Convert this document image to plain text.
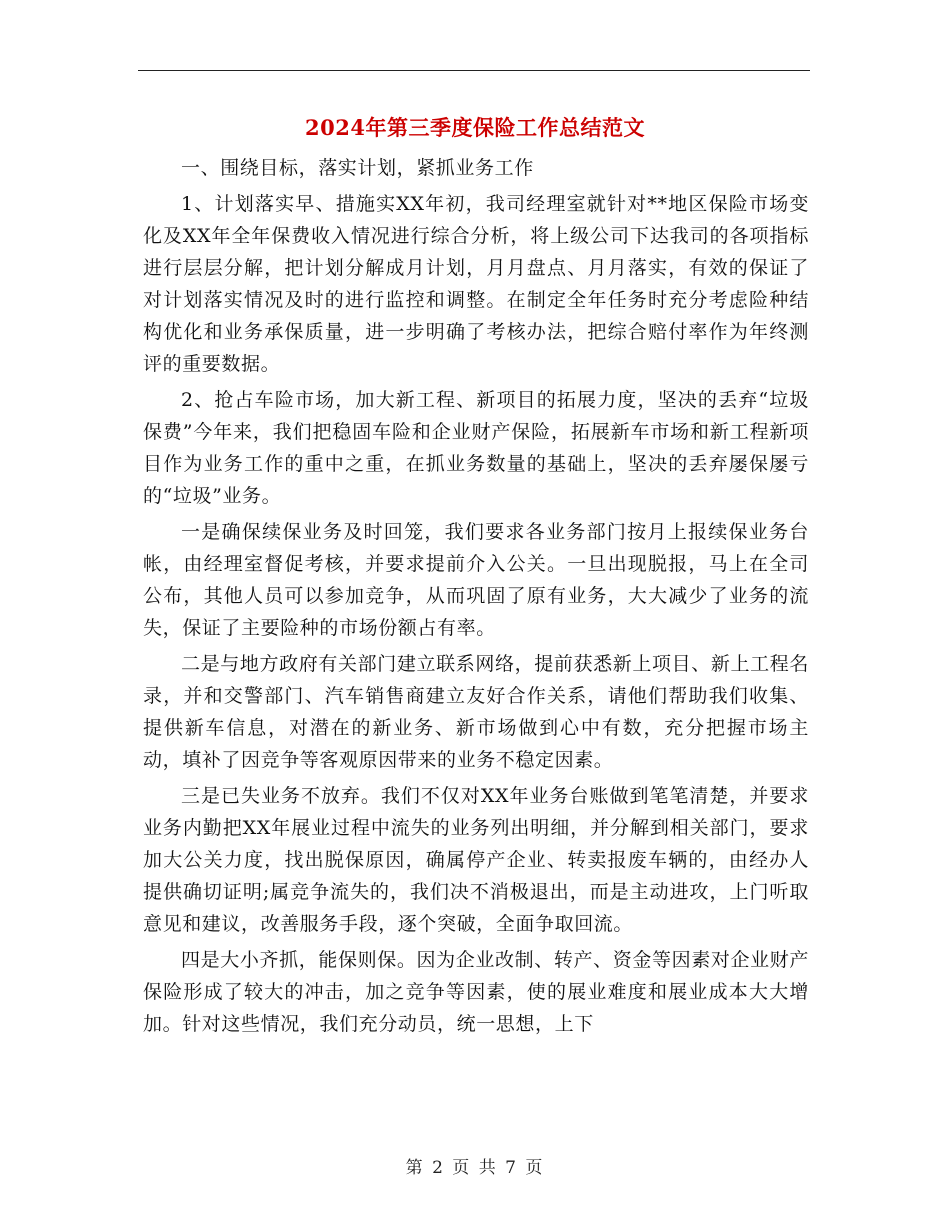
2024年第三季度保险工作总结范文

一、围绕目标，落实计划，紧抓业务工作

1、计划落实早、措施实XX年初，我司经理室就针对**地区保险市场变化及XX年全年保费收入情况进行综合分析，将上级公司下达我司的各项指标进行层层分解，把计划分解成月计划，月月盘点、月月落实，有效的保证了对计划落实情况及时的进行监控和调整。在制定全年任务时充分考虑险种结构优化和业务承保质量，进一步明确了考核办法，把综合赔付率作为年终测评的重要数据。

2、抢占车险市场，加大新工程、新项目的拓展力度，坚决的丢弃“垃圾保费”今年来，我们把稳固车险和企业财产保险，拓展新车市场和新工程新项目作为业务工作的重中之重，在抓业务数量的基础上，坚决的丢弃屡保屡亏的“垃圾”业务。

一是确保续保业务及时回笼，我们要求各业务部门按月上报续保业务台帐，由经理室督促考核，并要求提前介入公关。一旦出现脱报，马上在全司公布，其他人员可以参加竞争，从而巩固了原有业务，大大减少了业务的流失，保证了主要险种的市场份额占有率。

二是与地方政府有关部门建立联系网络，提前获悉新上项目、新上工程名录，并和交警部门、汽车销售商建立友好合作关系，请他们帮助我们收集、提供新车信息，对潜在的新业务、新市场做到心中有数，充分把握市场主动，填补了因竞争等客观原因带来的业务不稳定因素。

三是已失业务不放弃。我们不仅对XX年业务台账做到笔笔清楚，并要求业务内勤把XX年展业过程中流失的业务列出明细，并分解到相关部门，要求加大公关力度，找出脱保原因，确属停产企业、转卖报废车辆的，由经办人提供确切证明;属竞争流失的，我们决不消极退出，而是主动进攻，上门听取意见和建议，改善服务手段，逐个突破，全面争取回流。

四是大小齐抓，能保则保。因为企业改制、转产、资金等因素对企业财产保险形成了较大的冲击，加之竞争等因素，使的展业难度和展业成本大大增加。针对这些情况，我们充分动员，统一思想，上下

第 2 页 共 7 页
